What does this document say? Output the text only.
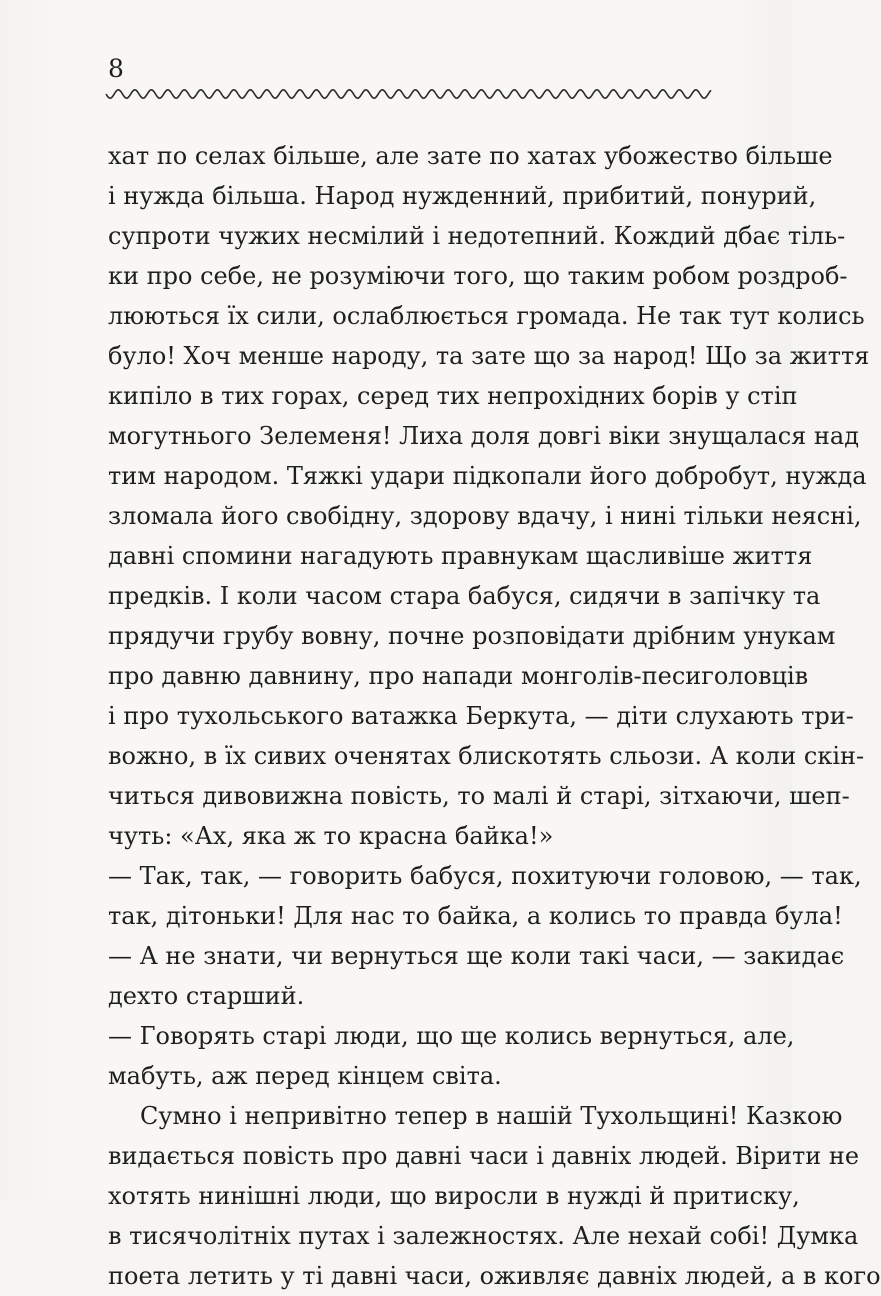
8

хат по селах більше, але зате по хатах убожество більше
і нужда більша. Народ нужденний, прибитий, понурий,
супроти чужих несмілий і недотепний. Кождий дбає тіль-
ки про себе, не розуміючи того, що таким робом роздроб-
люються їх сили, ослаблюється громада. Не так тут колись
було! Хоч менше народу, та зате що за народ! Що за життя
кипіло в тих горах, серед тих непрохідних борів у стіп
могутнього Зелеменя! Лиха доля довгі віки знущалася над
тим народом. Тяжкі удари підкопали його добробут, нужда
зломала його свобідну, здорову вдачу, і нині тільки неясні,
давні спомини нагадують правнукам щасливіше життя
предків. І коли часом стара бабуся, сидячи в запічку та
прядучи грубу вовну, почне розповідати дрібним унукам
про давню давнину, про напади монголів-песиголовців
і про тухольського ватажка Беркута, — діти слухають три-
вожно, в їх сивих оченятах блискотять сльози. А коли скін-
читься дивовижна повість, то малі й старі, зітхаючи, шеп-
чуть: «Ах, яка ж то красна байка!»
— Так, так, — говорить бабуся, похитуючи головою, — так,
так, дітоньки! Для нас то байка, а колись то правда була!
— А не знати, чи вернуться ще коли такі часи, — закидає
дехто старший.
— Говорять старі люди, що ще колись вернуться, але,
мабуть, аж перед кінцем світа.
Сумно і непривітно тепер в нашій Тухольщині! Казкою
видається повість про давні часи і давніх людей. Вірити не
хотять нинішні люди, що виросли в нужді й притиску,
в тисячолітніх путах і залежностях. Але нехай собі! Думка
поета летить у ті давні часи, оживляє давніх людей, а в кого
